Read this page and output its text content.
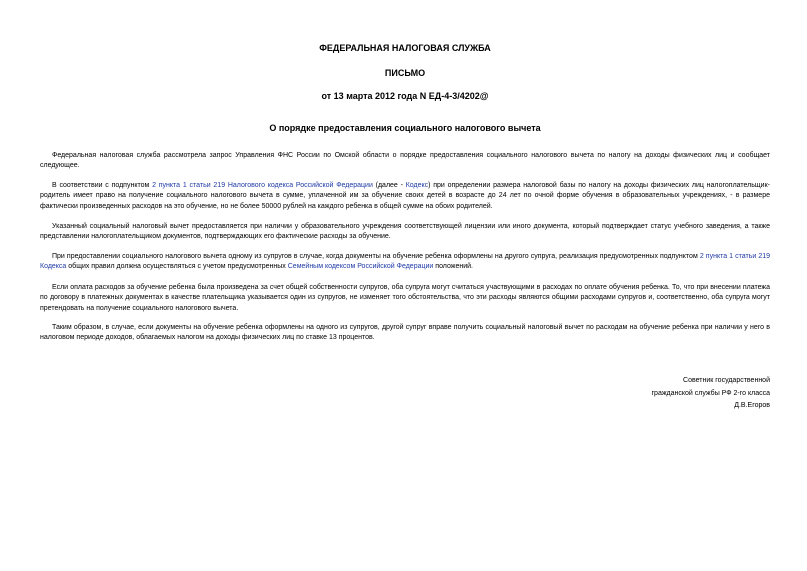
ФЕДЕРАЛЬНАЯ НАЛОГОВАЯ СЛУЖБА
ПИСЬМО
от 13 марта 2012 года N ЕД-4-3/4202@
О порядке предоставления социального налогового вычета

Федеральная налоговая служба рассмотрела запрос Управления ФНС России по Омской области о порядке предоставления социального налогового вычета по налогу на доходы физических лиц и сообщает следующее.

В соответствии с подпунктом 2 пункта 1 статьи 219 Налогового кодекса Российской Федерации (далее - Кодекс) при определении размера налоговой базы по налогу на доходы физических лиц налогоплательщик-родитель имеет право на получение социального налогового вычета в сумме, уплаченной им за обучение своих детей в возрасте до 24 лет по очной форме обучения в образовательных учреждениях, - в размере фактически произведенных расходов на это обучение, но не более 50000 рублей на каждого ребенка в общей сумме на обоих родителей.

Указанный социальный налоговый вычет предоставляется при наличии у образовательного учреждения соответствующей лицензии или иного документа, который подтверждает статус учебного заведения, а также представлении налогоплательщиком документов, подтверждающих его фактические расходы за обучение.

При предоставлении социального налогового вычета одному из супругов в случае, когда документы на обучение ребенка оформлены на другого супруга, реализация предусмотренных подпунктом 2 пункта 1 статьи 219 Кодекса общих правил должна осуществляться с учетом предусмотренных Семейным кодексом Российской Федерации положений.

Если оплата расходов за обучение ребенка была произведена за счет общей собственности супругов, оба супруга могут считаться участвующими в расходах по оплате обучения ребенка. То, что при внесении платежа по договору в платежных документах в качестве плательщика указывается один из супругов, не изменяет того обстоятельства, что эти расходы являются общими расходами супругов и, соответственно, оба супруга могут претендовать на получение социального налогового вычета.

Таким образом, в случае, если документы на обучение ребенка оформлены на одного из супругов, другой супруг вправе получить социальный налоговый вычет по расходам на обучение ребенка при наличии у него в налоговом периоде доходов, облагаемых налогом на доходы физических лиц по ставке 13 процентов.

Советник государственной
гражданской службы РФ 2-го класса
Д.В.Егоров
